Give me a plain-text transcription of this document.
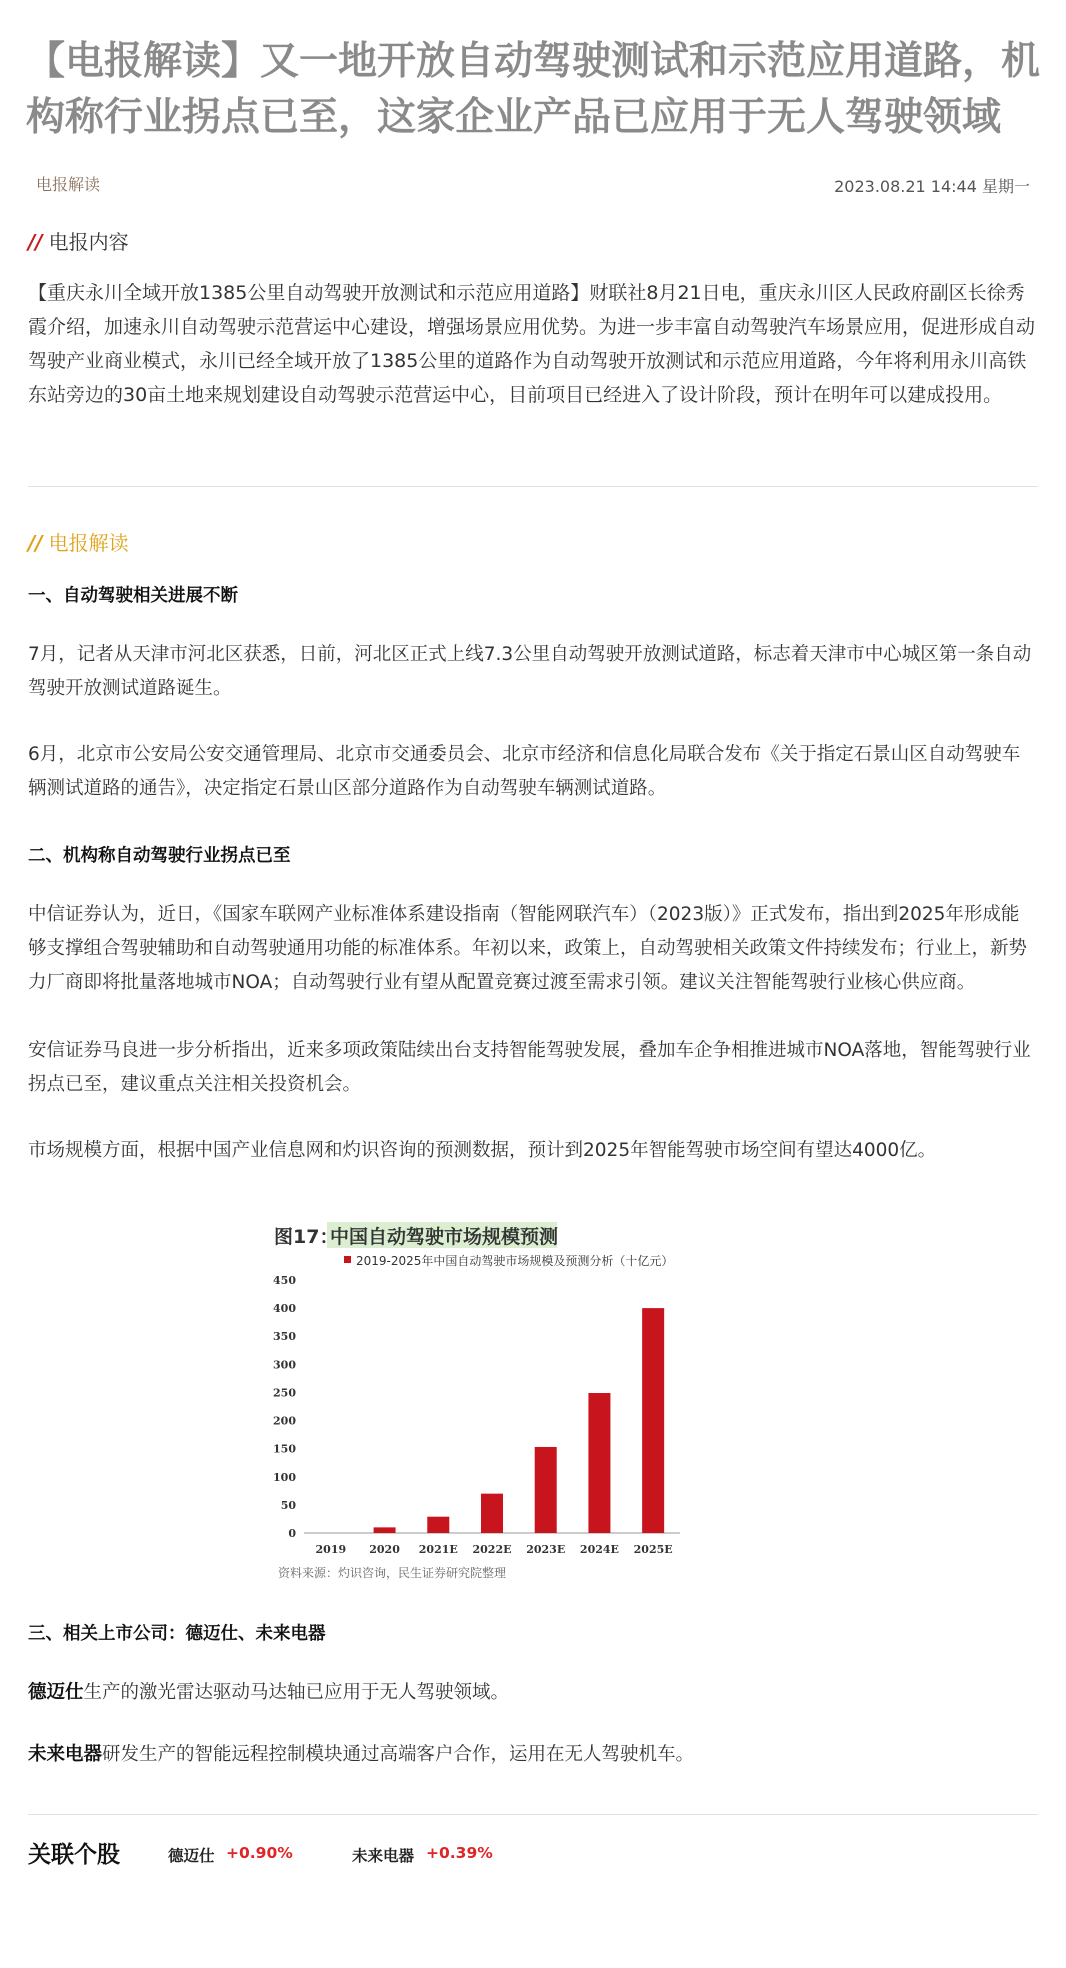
【电报解读】又一地开放自动驾驶测试和示范应用道路，机构称行业拐点已至，这家企业产品已应用于无人驾驶领域
电报解读	2023.08.21 14:44 星期一
// 电报内容

【重庆永川全域开放1385公里自动驾驶开放测试和示范应用道路】财联社8月21日电，重庆永川区人民政府副区长徐秀霞介绍，加速永川自动驾驶示范营运中心建设，增强场景应用优势。为进一步丰富自动驾驶汽车场景应用，促进形成自动驾驶产业商业模式，永川已经全域开放了1385公里的道路作为自动驾驶开放测试和示范应用道路，今年将利用永川高铁东站旁边的30亩土地来规划建设自动驾驶示范营运中心，目前项目已经进入了设计阶段，预计在明年可以建成投用。

// 电报解读
一、自动驾驶相关进展不断

7月，记者从天津市河北区获悉，日前，河北区正式上线7.3公里自动驾驶开放测试道路，标志着天津市中心城区第一条自动驾驶开放测试道路诞生。

6月，北京市公安局公安交通管理局、北京市交通委员会、北京市经济和信息化局联合发布《关于指定石景山区自动驾驶车辆测试道路的通告》，决定指定石景山区部分道路作为自动驾驶车辆测试道路。

二、机构称自动驾驶行业拐点已至

中信证券认为，近日，《国家车联网产业标准体系建设指南（智能网联汽车）（2023版）》正式发布，指出到2025年形成能够支撑组合驾驶辅助和自动驾驶通用功能的标准体系。年初以来，政策上，自动驾驶相关政策文件持续发布；行业上，新势力厂商即将批量落地城市NOA；自动驾驶行业有望从配置竞赛过渡至需求引领。建议关注智能驾驶行业核心供应商。

安信证券马良进一步分析指出，近来多项政策陆续出台支持智能驾驶发展，叠加车企争相推进城市NOA落地，智能驾驶行业拐点已至，建议重点关注相关投资机会。

市场规模方面，根据中国产业信息网和灼识咨询的预测数据，预计到2025年智能驾驶市场空间有望达4000亿。

图17：
中国自动驾驶市场规模预测
2019-2025年中国自动驾驶市场规模及预测分析（十亿元）
0
50
100
150
200
250
300
350
400
450
2019 2020 2021E 2022E 2023E 2024E 2025E
资料来源：灼识咨询，民生证券研究院整理
三、相关上市公司：德迈仕、未来电器

德迈仕生产的激光雷达驱动马达轴已应用于无人驾驶领域。

未来电器研发生产的智能远程控制模块通过高端客户合作，运用在无人驾驶机车。

关联个股	德迈仕 +0.90%	未来电器 +0.39%
